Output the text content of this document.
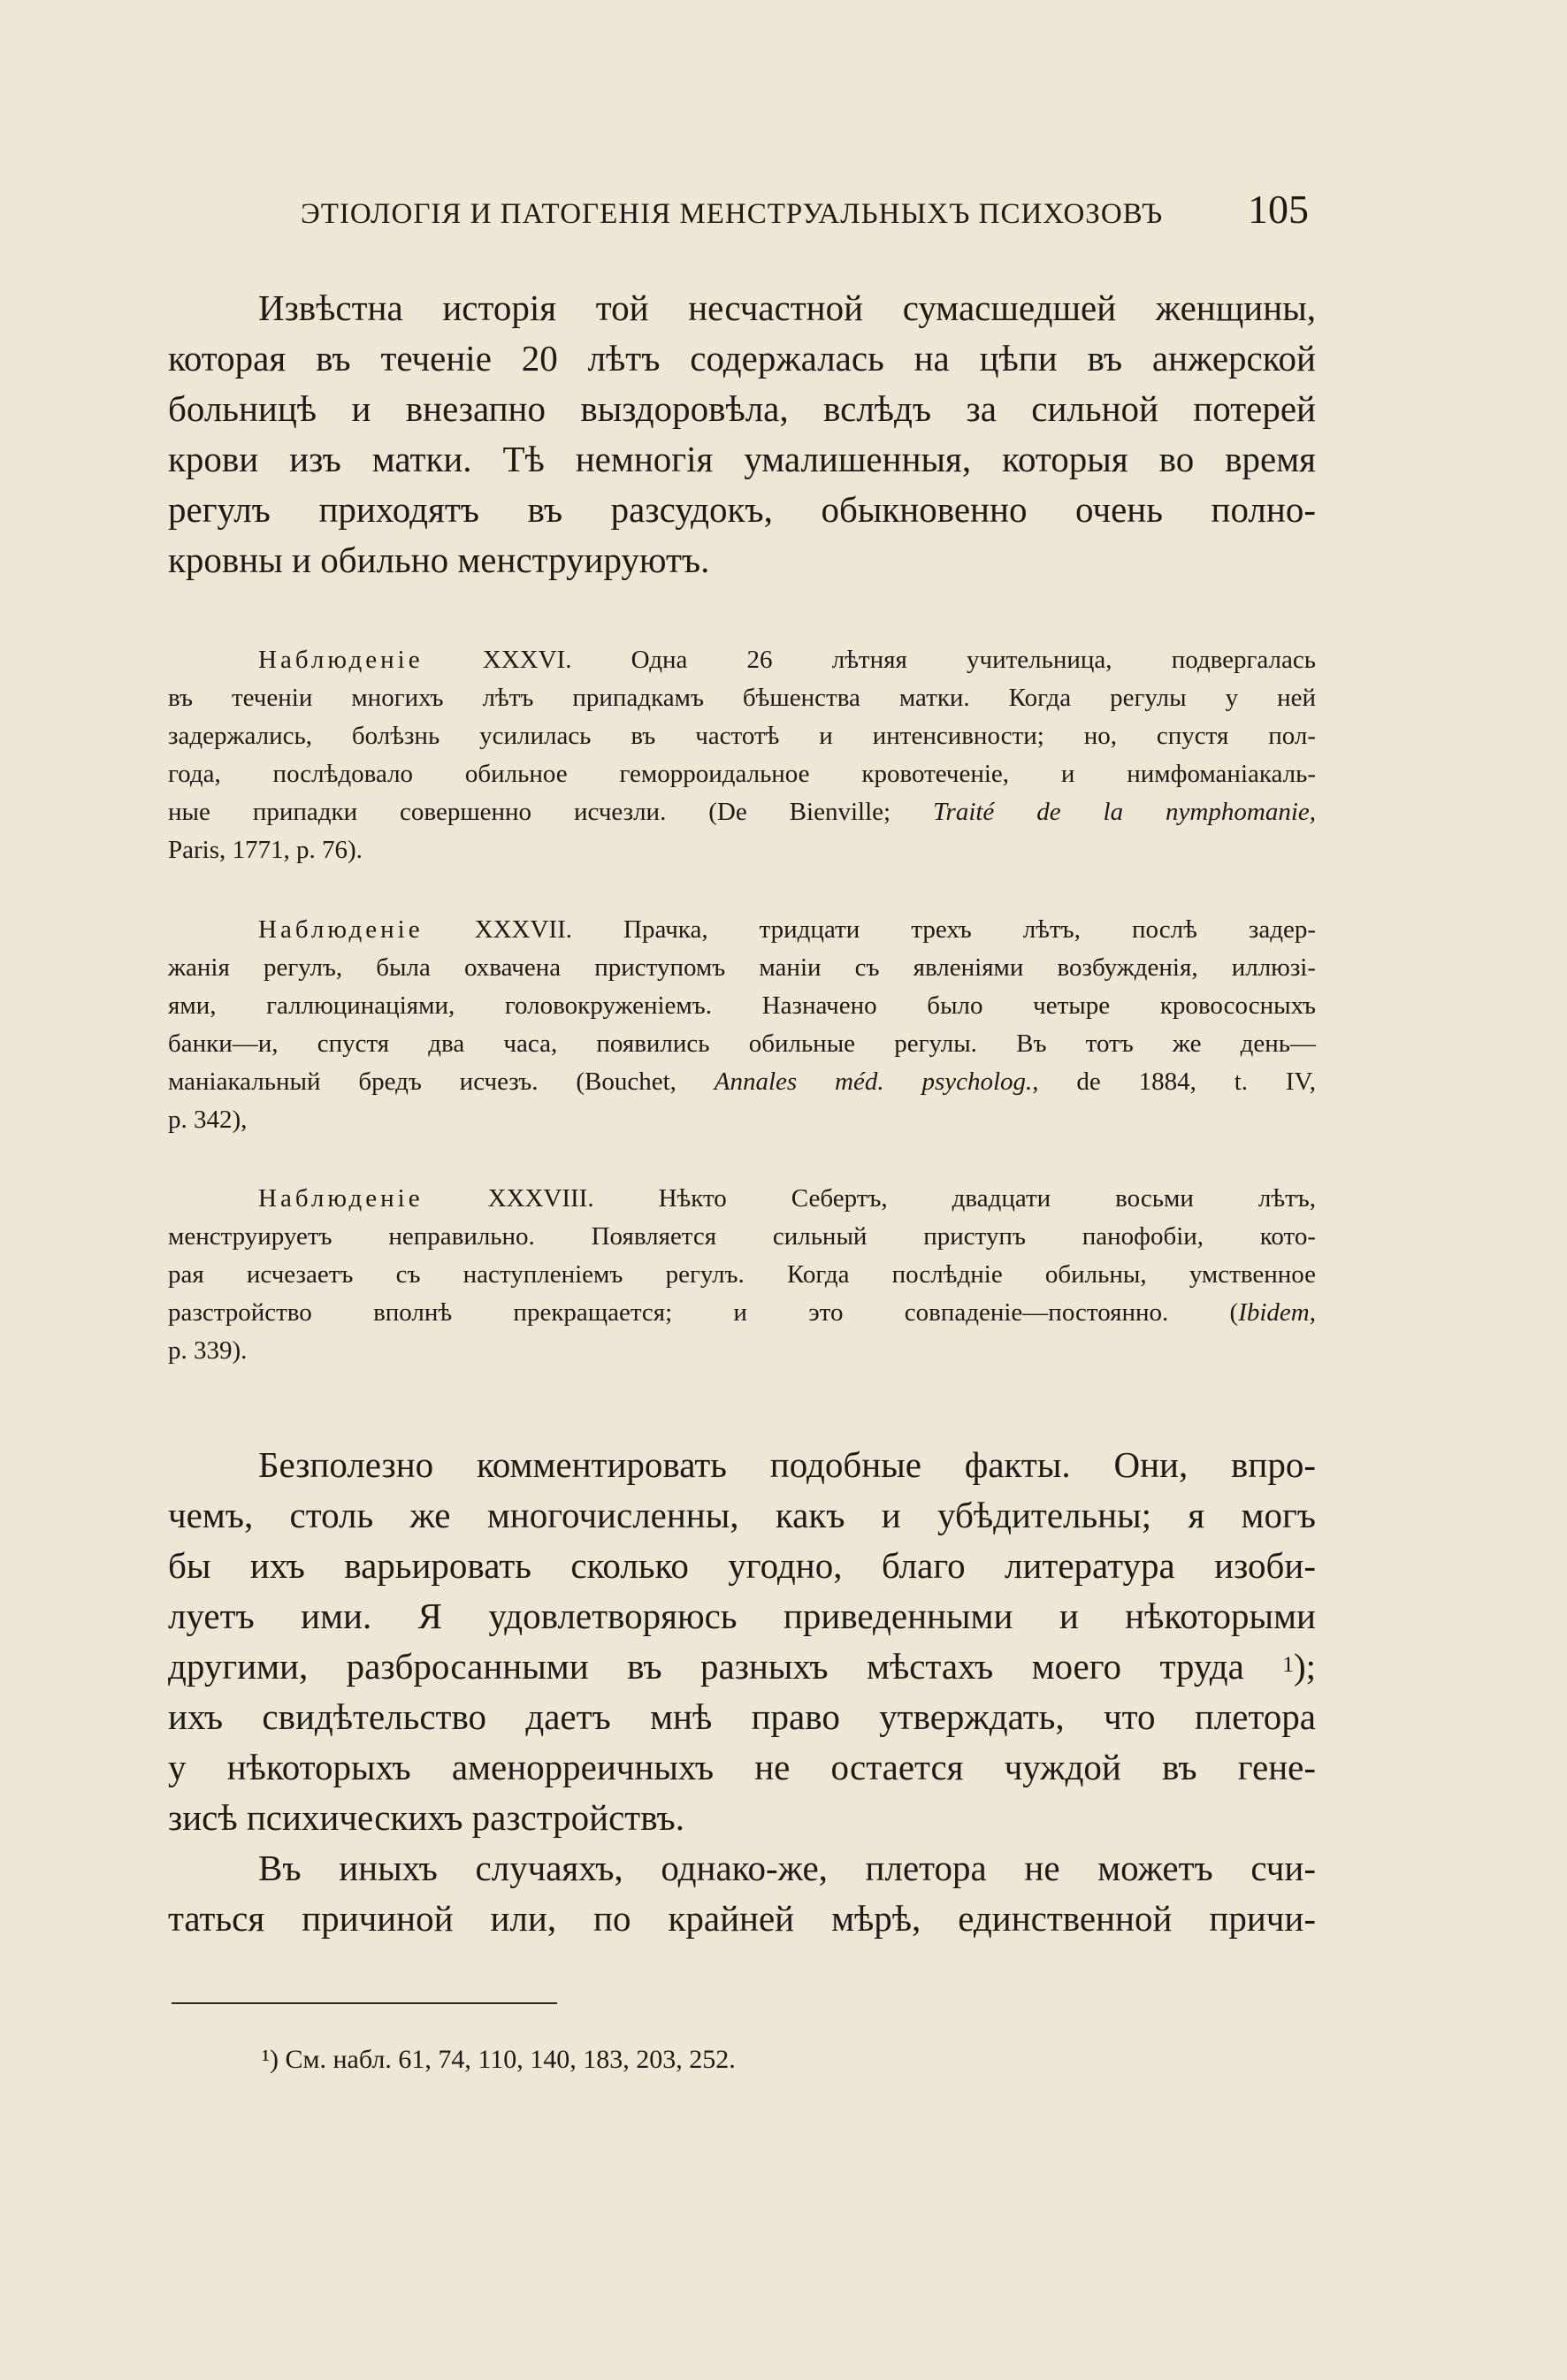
ЭТІОЛОГІЯ И ПАТОГЕНІЯ МЕНСТРУАЛЬНЫХЪ ПСИХОЗОВЪ 105
Извѣстна исторія той несчастной сумасшедшей женщины,
которая въ теченіе 20 лѣтъ содержалась на цѣпи въ анжерской
больницѣ и внезапно выздоровѣла, вслѣдъ за сильной потерей
крови изъ матки. Тѣ немногія умалишенныя, которыя во время
регулъ приходятъ въ разсудокъ, обыкновенно очень полно-
кровны и обильно менструируютъ.
Наблюденіе XXXVI. Одна 26 лѣтняя учительница, подвергалась
въ теченіи многихъ лѣтъ припадкамъ бѣшенства матки. Когда регулы у ней
задержались, болѣзнь усилилась въ частотѣ и интенсивности; но, спустя пол-
года, послѣдовало обильное геморроидальное кровотеченіе, и нимфоманіакаль-
ные припадки совершенно исчезли. (De Bienville; Traité de la nymphomanie,
Paris, 1771, p. 76).
Наблюденіе XXXVII. Прачка, тридцати трехъ лѣтъ, послѣ задер-
жанія регулъ, была охвачена приступомъ маніи съ явленіями возбужденія, иллюзі-
ями, галлюцинаціями, головокруженіемъ. Назначено было четыре кровососныхъ
банки—и, спустя два часа, появились обильные регулы. Въ тотъ же день—
маніакальный бредъ исчезъ. (Bouchet, Annales méd. psycholog., de 1884, t. IV,
p. 342),
Наблюденіе XXXVIII. Нѣкто Себертъ, двадцати восьми лѣтъ,
менструируетъ неправильно. Появляется сильный приступъ панофобіи, кото-
рая исчезаетъ съ наступленіемъ регулъ. Когда послѣдніе обильны, умственное
разстройство вполнѣ прекращается; и это совпаденіе—постоянно. (Ibidem,
p. 339).
Безполезно комментировать подобные факты. Они, впро-
чемъ, столь же многочисленны, какъ и убѣдительны; я могъ
бы ихъ варьировать сколько угодно, благо литература изоби-
луетъ ими. Я удовлетворяюсь приведенными и нѣкоторыми
другими, разбросанными въ разныхъ мѣстахъ моего труда $^1$);
ихъ свидѣтельство даетъ мнѣ право утверждать, что плетора
у нѣкоторыхъ аменорреичныхъ не остается чуждой въ гене-
зисѣ психическихъ разстройствъ.
Въ иныхъ случаяхъ, однако-же, плетора не можетъ счи-
таться причиной или, по крайней мѣрѣ, единственной причи-
¹) См. набл. 61, 74, 110, 140, 183, 203, 252.
